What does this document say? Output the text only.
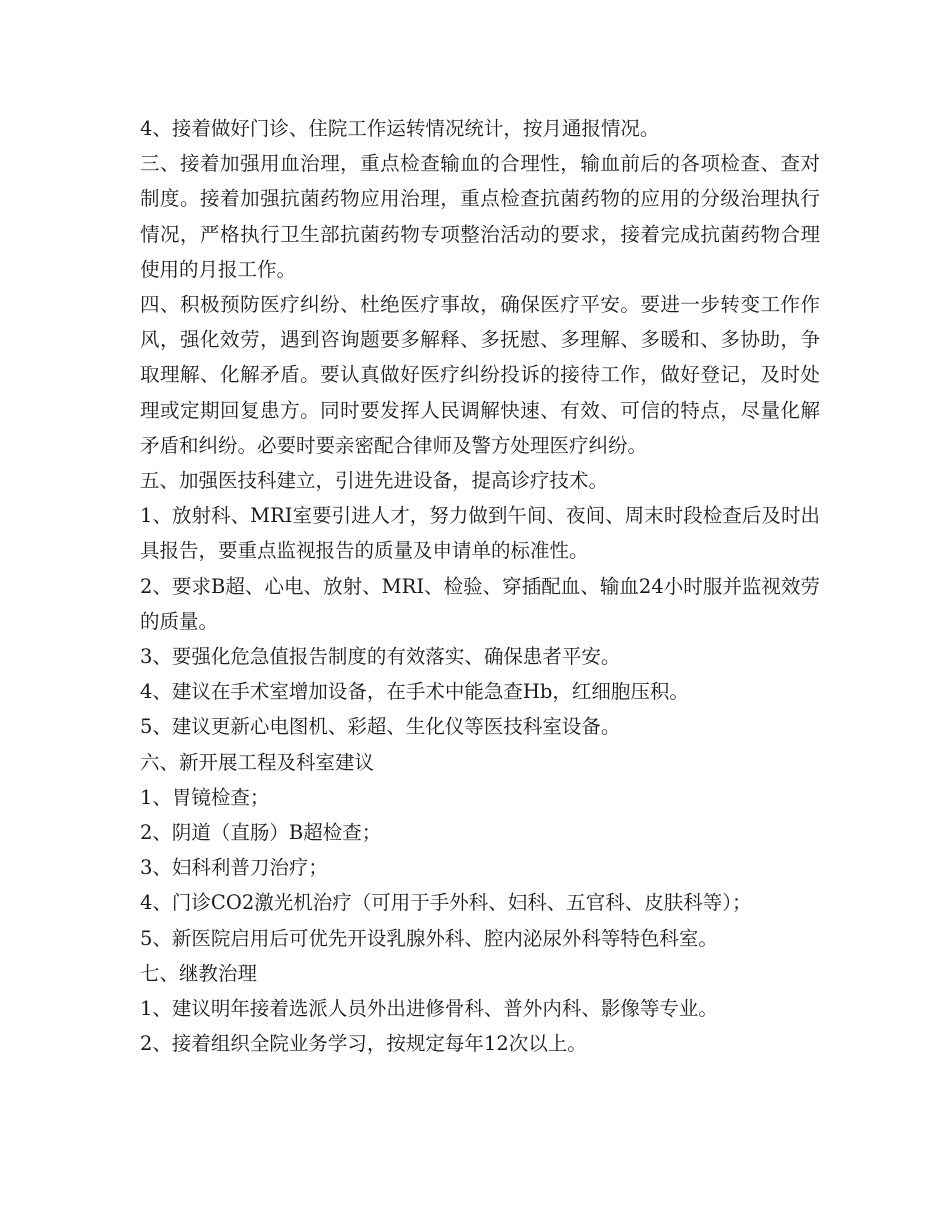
4、接着做好门诊、住院工作运转情况统计，按月通报情况。

三、接着加强用血治理，重点检查输血的合理性，输血前后的各项检查、查对制度。接着加强抗菌药物应用治理，重点检查抗菌药物的应用的分级治理执行情况，严格执行卫生部抗菌药物专项整治活动的要求，接着完成抗菌药物合理使用的月报工作。

四、积极预防医疗纠纷、杜绝医疗事故，确保医疗平安。要进一步转变工作作风，强化效劳，遇到咨询题要多解释、多抚慰、多理解、多暖和、多协助，争取理解、化解矛盾。要认真做好医疗纠纷投诉的接待工作，做好登记，及时处理或定期回复患方。同时要发挥人民调解快速、有效、可信的特点，尽量化解矛盾和纠纷。必要时要亲密配合律师及警方处理医疗纠纷。

五、加强医技科建立，引进先进设备，提高诊疗技术。

1、放射科、MRI室要引进人才，努力做到午间、夜间、周末时段检查后及时出具报告，要重点监视报告的质量及申请单的标准性。

2、要求B超、心电、放射、MRI、检验、穿插配血、输血24小时服并监视效劳的质量。

3、要强化危急值报告制度的有效落实、确保患者平安。

4、建议在手术室增加设备，在手术中能急查Hb，红细胞压积。

5、建议更新心电图机、彩超、生化仪等医技科室设备。

六、新开展工程及科室建议

1、胃镜检查；

2、阴道（直肠）B超检查；

3、妇科利普刀治疗；

4、门诊CO2激光机治疗（可用于手外科、妇科、五官科、皮肤科等）；

5、新医院启用后可优先开设乳腺外科、腔内泌尿外科等特色科室。

七、继教治理

1、建议明年接着选派人员外出进修骨科、普外内科、影像等专业。

2、接着组织全院业务学习，按规定每年12次以上。
